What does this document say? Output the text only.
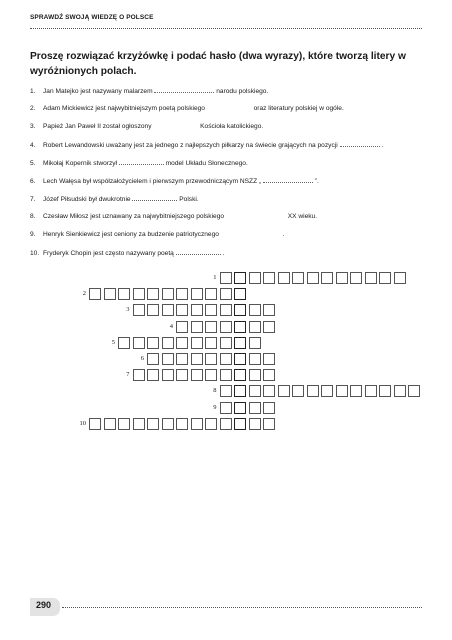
SPRAWDŹ SWOJĄ WIEDZĘ O POLSCE
Proszę rozwiązać krzyżówkę i podać hasło (dwa wyrazy), które tworzą litery w wyróżnionych polach.
1. Jan Matejko jest nazywany malarzem	narodu polskiego.
2. Adam Mickiewicz jest najwybitniejszym poetą polskiego	oraz literatury polskiej w ogóle.
3. Papież Jan Paweł II został ogłoszony	Kościoła katolickiego.
4. Robert Lewandowski uważany jest za jednego z najlepszych piłkarzy na świecie grających na pozycji	.
5. Mikołaj Kopernik stworzył	model Układu Słonecznego.
6. Lech Wałęsa był współzałożycielem i pierwszym przewodniczącym NSZZ „	”.
7. Józef Piłsudski był dwukrotnie	Polski.
8. Czesław Miłosz jest uznawany za najwybitniejszego polskiego	XX wieku.
9. Henryk Sienkiewicz jest ceniony za budzenie patriotycznego	.
10. Fryderyk Chopin jest często nazywany poetą	.
1
2
3
4
5
6
7
8
9
10
290
